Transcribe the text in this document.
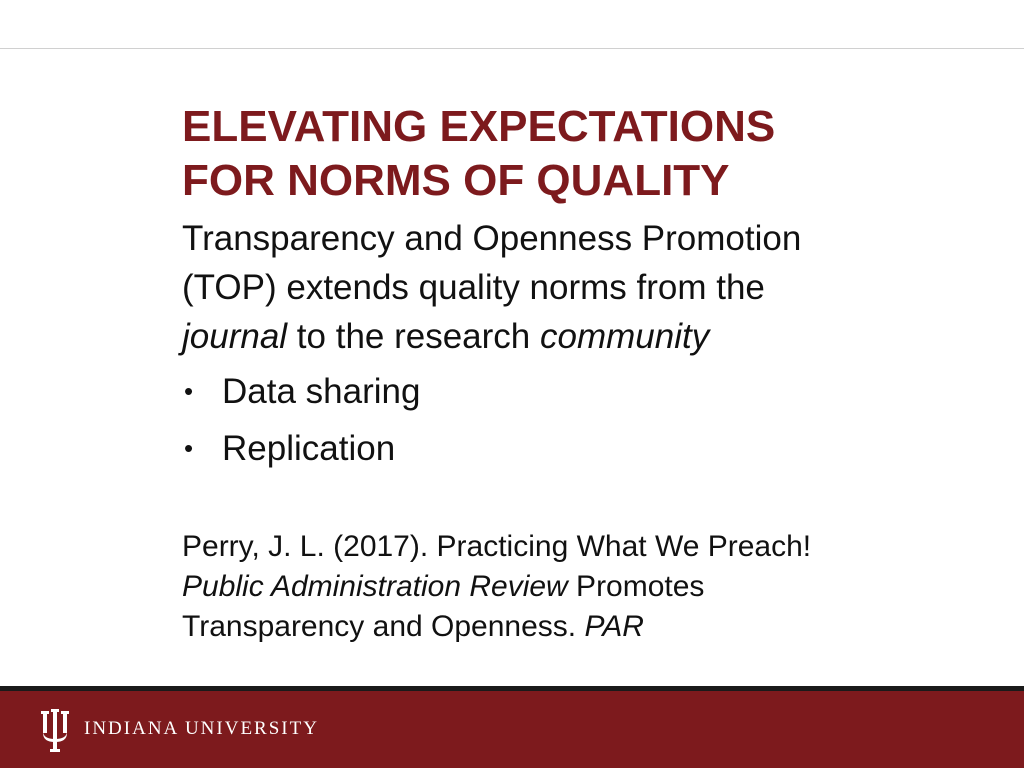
ELEVATING EXPECTATIONS
FOR NORMS OF QUALITY
Transparency and Openness Promotion
(TOP) extends quality norms from the
journal to the research community
• Data sharing
• Replication
Perry, J. L. (2017). Practicing What We Preach!
Public Administration Review Promotes
Transparency and Openness. PAR
INDIANA UNIVERSITY
